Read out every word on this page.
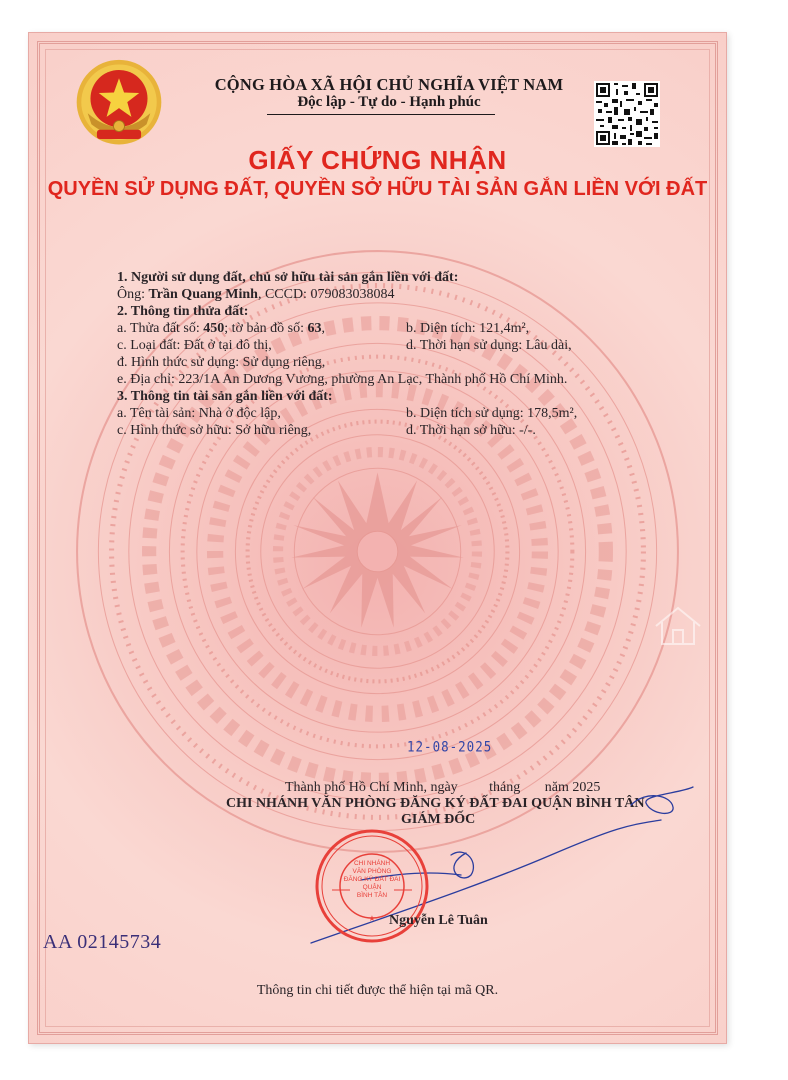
CỘNG HÒA XÃ HỘI CHỦ NGHĨA VIỆT NAM
Độc lập - Tự do - Hạnh phúc
GIẤY CHỨNG NHẬN
QUYỀN SỬ DỤNG ĐẤT, QUYỀN SỞ HỮU TÀI SẢN GẮN LIỀN VỚI ĐẤT
1. Người sử dụng đất, chủ sở hữu tài sản gắn liền với đất:
Ông: Trần Quang Minh, CCCD: 079083038084
2. Thông tin thửa đất:
a. Thửa đất số: 450; tờ bản đồ số: 63,	b. Diện tích: 121,4m²,
c. Loại đất: Đất ở tại đô thị,	d. Thời hạn sử dụng: Lâu dài,
đ. Hình thức sử dụng: Sử dụng riêng,
e. Địa chỉ: 223/1A An Dương Vương, phường An Lạc, Thành phố Hồ Chí Minh.
3. Thông tin tài sản gắn liền với đất:
a. Tên tài sản: Nhà ở độc lập,	b. Diện tích sử dụng: 178,5m²,
c. Hình thức sở hữu: Sở hữu riêng,	d. Thời hạn sở hữu: -/-.
12-08-2025
Thành phố Hồ Chí Minh, ngày         tháng       năm 2025
CHI NHÁNH VĂN PHÒNG ĐĂNG KÝ ĐẤT ĐAI QUẬN BÌNH TÂN
GIÁM ĐỐC
★
CHI NHÁNH
VĂN PHÒNG
ĐĂNG KÝ ĐẤT ĐAI
QUẬN
BÌNH TÂN
Nguyễn Lê Tuân
AA 02145734
Thông tin chi tiết được thể hiện tại mã QR.
